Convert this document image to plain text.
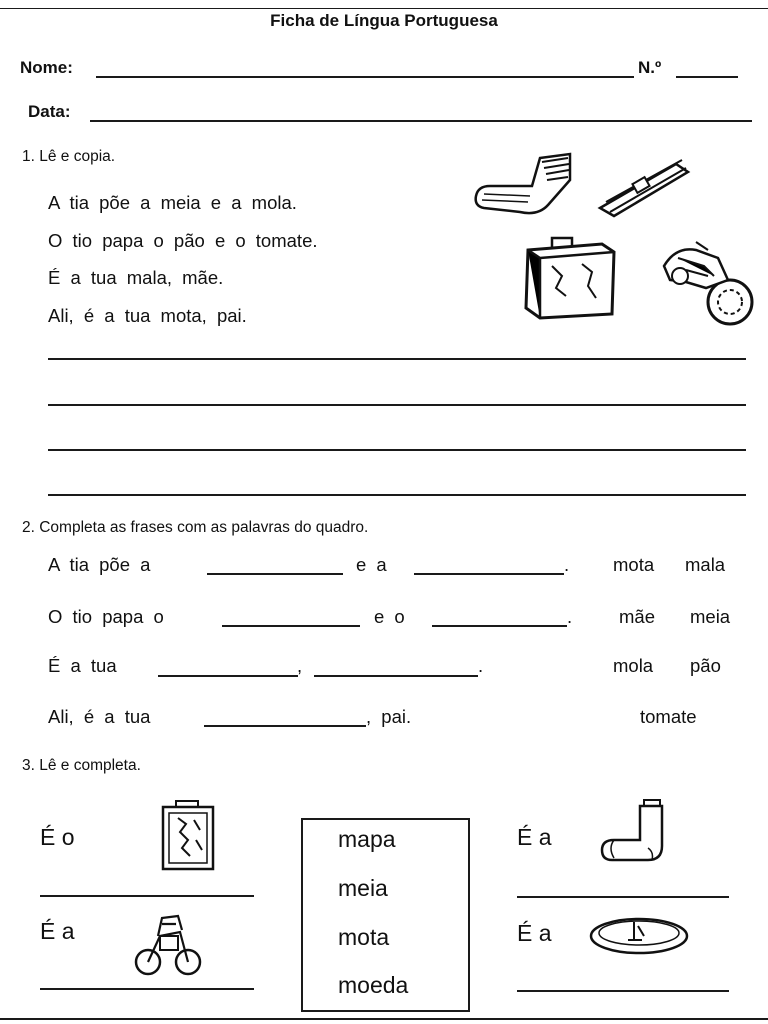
Ficha de Língua Portuguesa
Nome:	N.º
Data:
1. Lê e copia.
A tia põe a meia e a mola.
O tio papa o pão e o tomate.
É a tua mala, mãe.
Ali, é a tua mota, pai.
2. Completa as frases com as palavras do quadro.
A tia põe a	e a	.
O tio papa o	e o	.
É a tua	,	.
Ali, é a tua	, pai.
mota mala
mãe meia
mola pão
tomate
3. Lê e completa.
É o
É a
mapa
meia
mota
moeda
É a
É a
